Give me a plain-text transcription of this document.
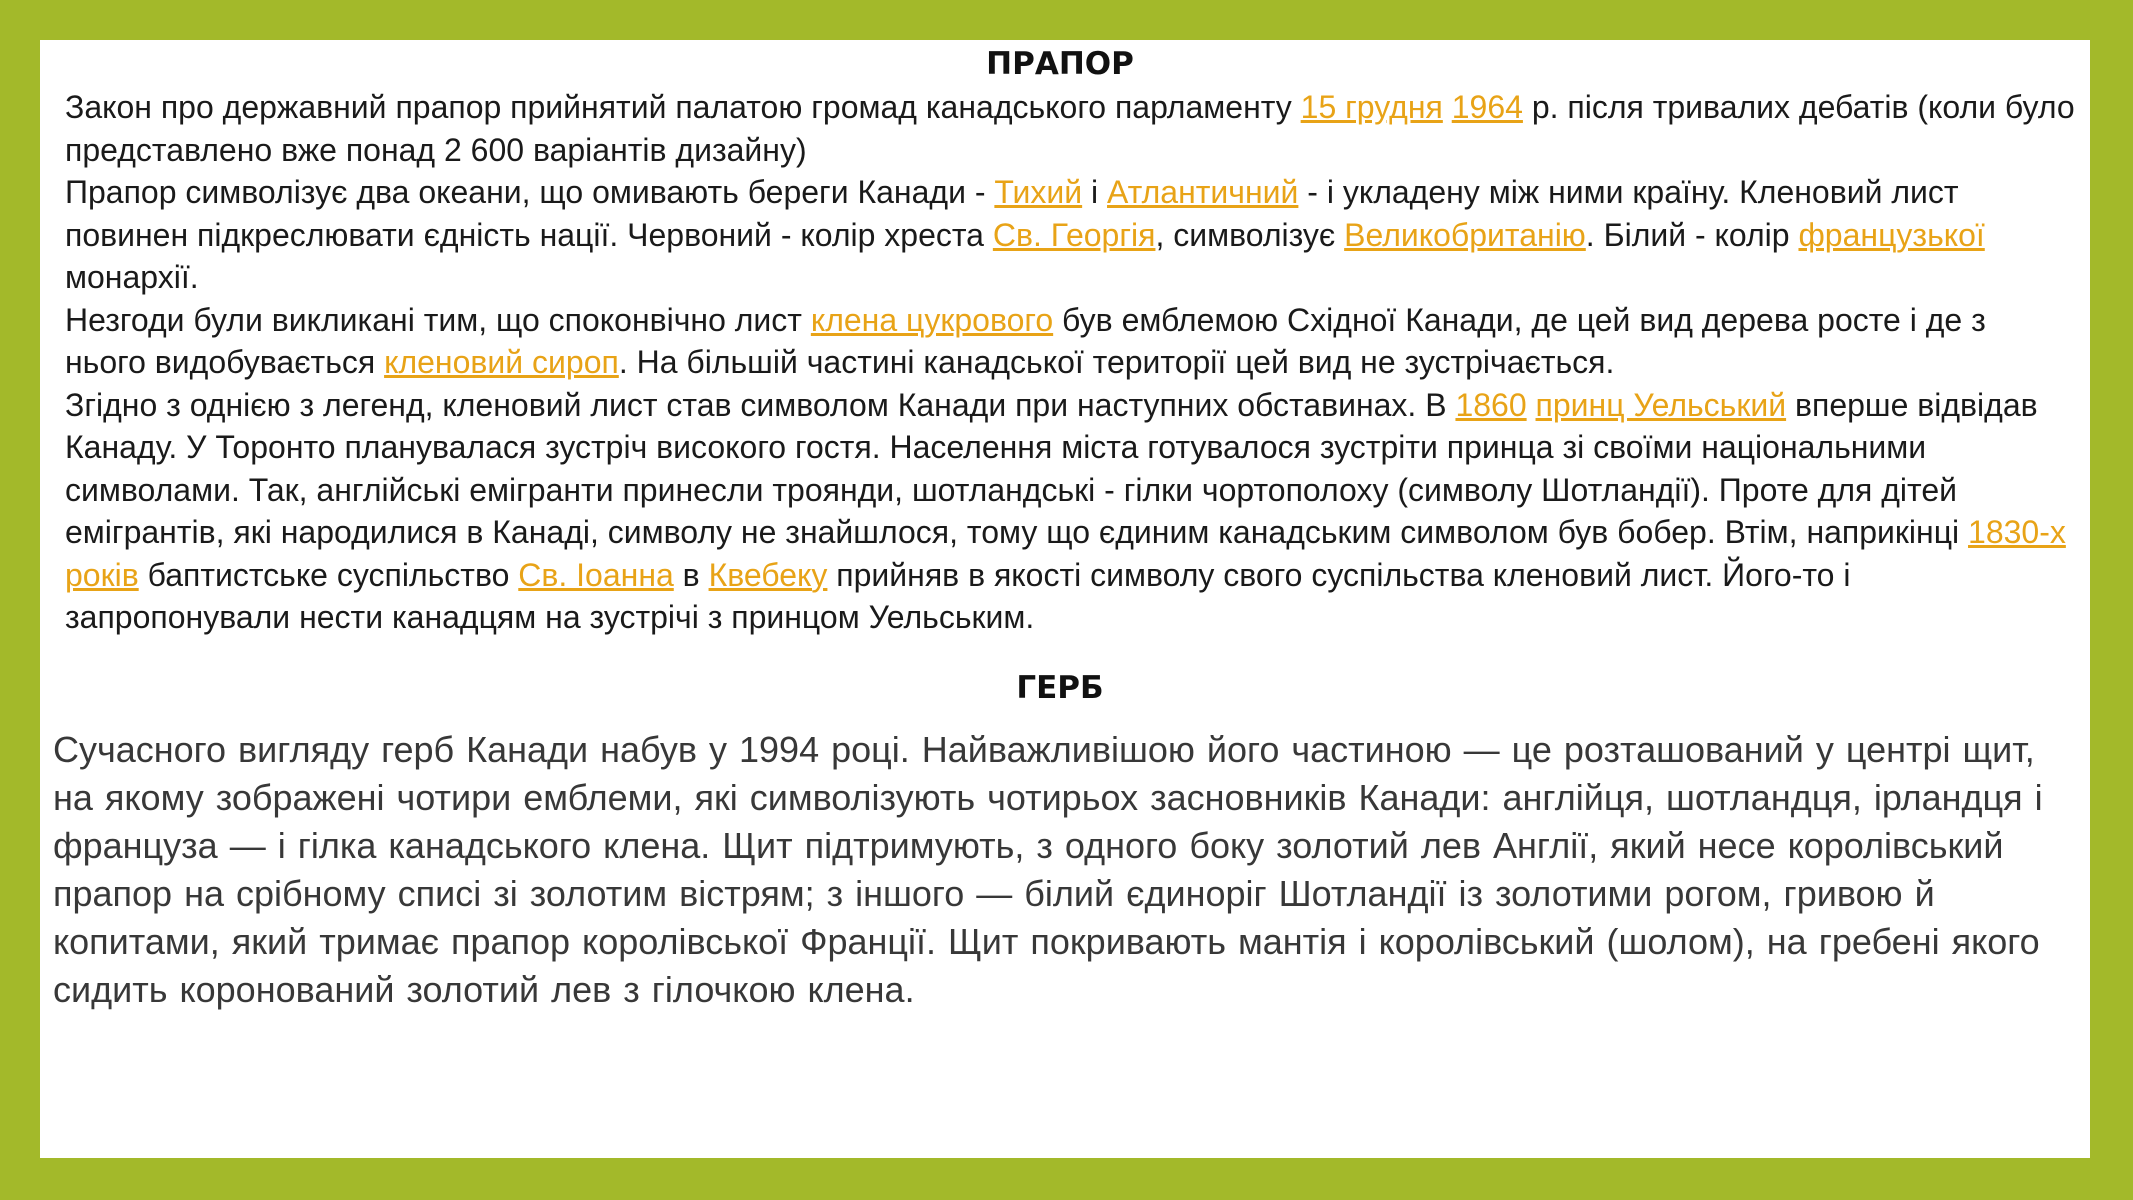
ПРАПОР

Закон про державний прапор прийнятий палатою громад канадського парламенту 15 грудня 1964 р. після тривалих дебатів (коли було представлено вже понад 2 600 варіантів дизайну)

Прапор символізує два океани, що омивають береги Канади - Тихий і Атлантичний - і укладену між ними країну. Кленовий лист повинен підкреслювати єдність нації. Червоний - колір хреста Св. Георгія, символізує Великобританію. Білий - колір французької монархії.

Незгоди були викликані тим, що споконвічно лист клена цукрового був емблемою Східної Канади, де цей вид дерева росте і де з нього видобувається кленовий сироп. На більшій частині канадської території цей вид не зустрічається.

Згідно з однією з легенд, кленовий лист став символом Канади при наступних обставинах. В 1860 принц Уельський вперше відвідав Канаду. У Торонто планувалася зустріч високого гостя. Населення міста готувалося зустріти принца зі своїми національними символами. Так, англійські емігранти принесли троянди, шотландські - гілки чортополоху (символу Шотландії). Проте для дітей емігрантів, які народилися в Канаді, символу не знайшлося, тому що єдиним канадським символом був бобер. Втім, наприкінці 1830-х років баптистське суспільство Св. Іоанна в Квебеку прийняв в якості символу свого суспільства кленовий лист. Його-то і запропонували нести канадцям на зустрічі з принцом Уельським.

ГЕРБ

Сучасного вигляду герб Канади набув у 1994 році. Найважливішою його частиною — це розташований у центрі щит, на якому зображені чотири емблеми, які символізують чотирьох засновників Канади: англійця, шотландця, ірландця і француза — і гілка канадського клена. Щит підтримують, з одного боку золотий лев Англії, який несе королівський прапор на срібному списі зі золотим вістрям; з іншого — білий єдиноріг Шотландії із золотими рогом, гривою й копитами, який тримає прапор королівської Франції. Щит покривають мантія і королівський (шолом), на гребені якого сидить коронований золотий лев з гілочкою клена.
